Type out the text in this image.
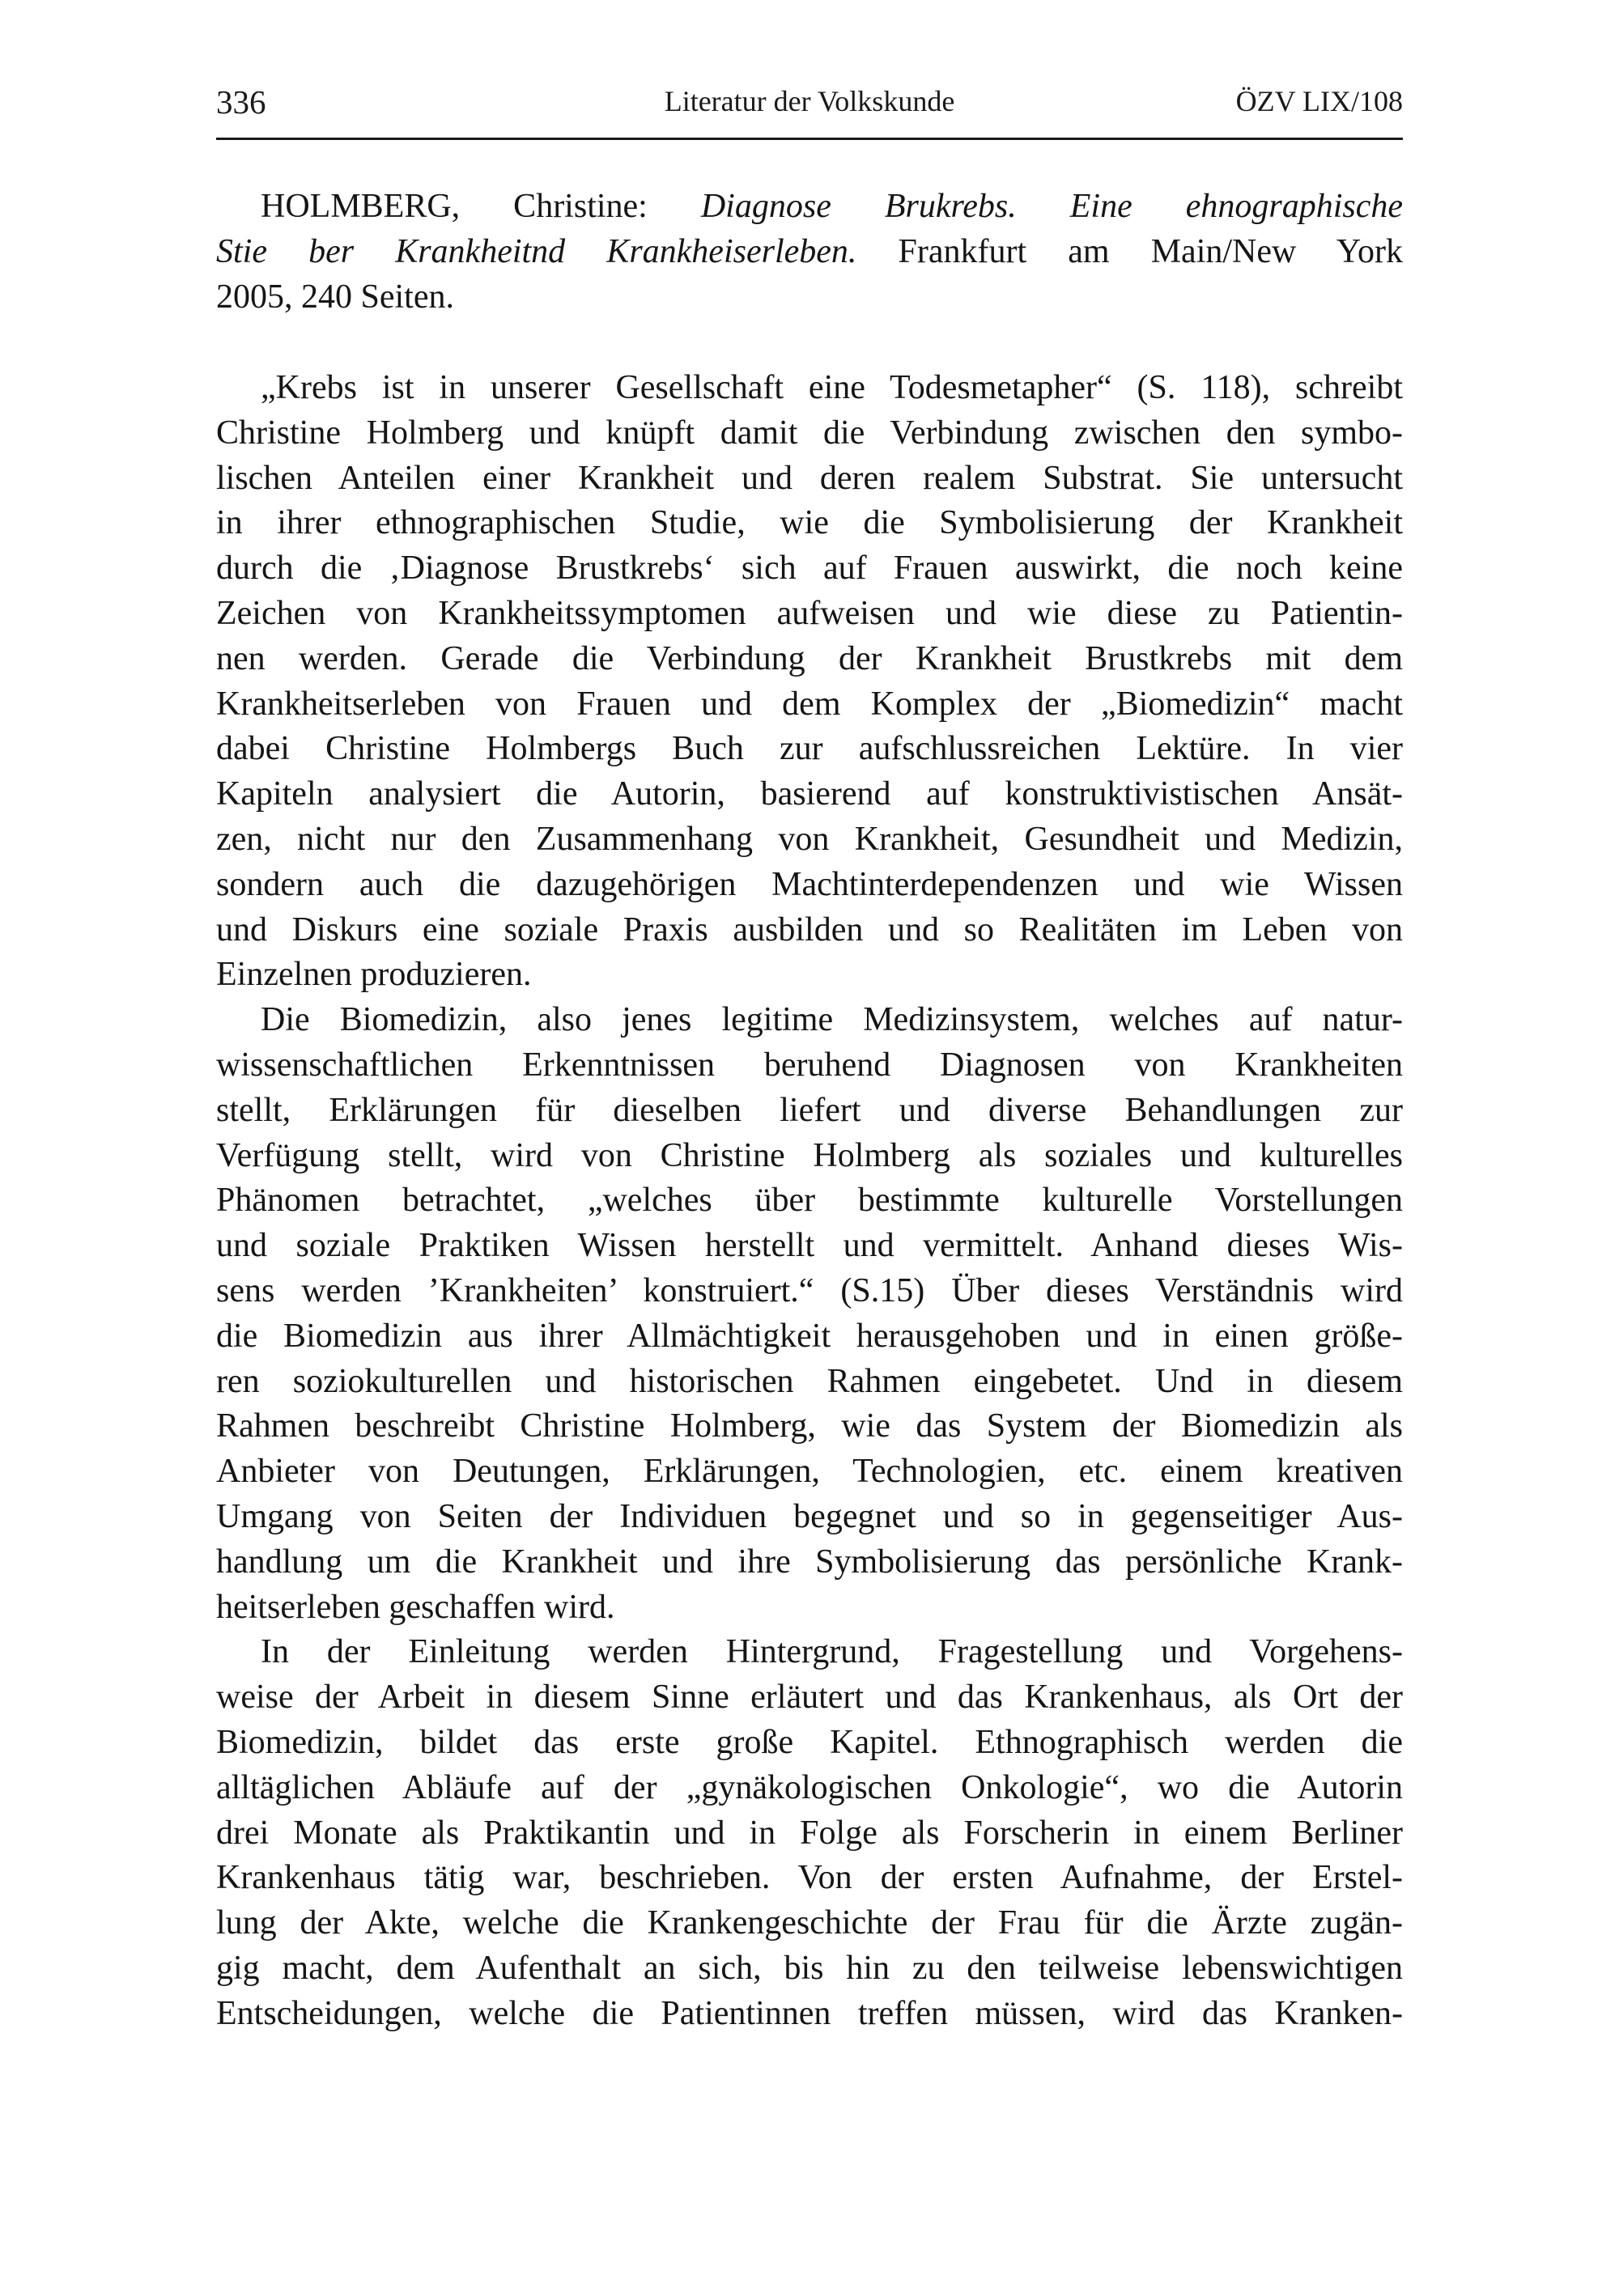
336	Literatur der Volkskunde	ÖZV LIX/108
HOLMBERG, Christine: Diagnose Brukrebs. Eine ehnographische
Stie ber Krankheitnd Krankheiserleben. Frankfurt am Main/New York
2005, 240 Seiten.
„Krebs ist in unserer Gesellschaft eine Todesmetapher“ (S. 118), schreibt
Christine Holmberg und knüpft damit die Verbindung zwischen den symbo-
lischen Anteilen einer Krankheit und deren realem Substrat. Sie untersucht
in ihrer ethnographischen Studie, wie die Symbolisierung der Krankheit
durch die ‚Diagnose Brustkrebs‘ sich auf Frauen auswirkt, die noch keine
Zeichen von Krankheitssymptomen aufweisen und wie diese zu Patientin-
nen werden. Gerade die Verbindung der Krankheit Brustkrebs mit dem
Krankheitserleben von Frauen und dem Komplex der „Biomedizin“ macht
dabei Christine Holmbergs Buch zur aufschlussreichen Lektüre. In vier
Kapiteln analysiert die Autorin, basierend auf konstruktivistischen Ansät-
zen, nicht nur den Zusammenhang von Krankheit, Gesundheit und Medizin,
sondern auch die dazugehörigen Machtinterdependenzen und wie Wissen
und Diskurs eine soziale Praxis ausbilden und so Realitäten im Leben von
Einzelnen produzieren.
Die Biomedizin, also jenes legitime Medizinsystem, welches auf natur-
wissenschaftlichen Erkenntnissen beruhend Diagnosen von Krankheiten
stellt, Erklärungen für dieselben liefert und diverse Behandlungen zur
Verfügung stellt, wird von Christine Holmberg als soziales und kulturelles
Phänomen betrachtet, „welches über bestimmte kulturelle Vorstellungen
und soziale Praktiken Wissen herstellt und vermittelt. Anhand dieses Wis-
sens werden ’Krankheiten’ konstruiert.“ (S.15) Über dieses Verständnis wird
die Biomedizin aus ihrer Allmächtigkeit herausgehoben und in einen größe-
ren soziokulturellen und historischen Rahmen eingebetet. Und in diesem
Rahmen beschreibt Christine Holmberg, wie das System der Biomedizin als
Anbieter von Deutungen, Erklärungen, Technologien, etc. einem kreativen
Umgang von Seiten der Individuen begegnet und so in gegenseitiger Aus-
handlung um die Krankheit und ihre Symbolisierung das persönliche Krank-
heitserleben geschaffen wird.
In der Einleitung werden Hintergrund, Fragestellung und Vorgehens-
weise der Arbeit in diesem Sinne erläutert und das Krankenhaus, als Ort der
Biomedizin, bildet das erste große Kapitel. Ethnographisch werden die
alltäglichen Abläufe auf der „gynäkologischen Onkologie“, wo die Autorin
drei Monate als Praktikantin und in Folge als Forscherin in einem Berliner
Krankenhaus tätig war, beschrieben. Von der ersten Aufnahme, der Erstel-
lung der Akte, welche die Krankengeschichte der Frau für die Ärzte zugän-
gig macht, dem Aufenthalt an sich, bis hin zu den teilweise lebenswichtigen
Entscheidungen, welche die Patientinnen treffen müssen, wird das Kranken-
